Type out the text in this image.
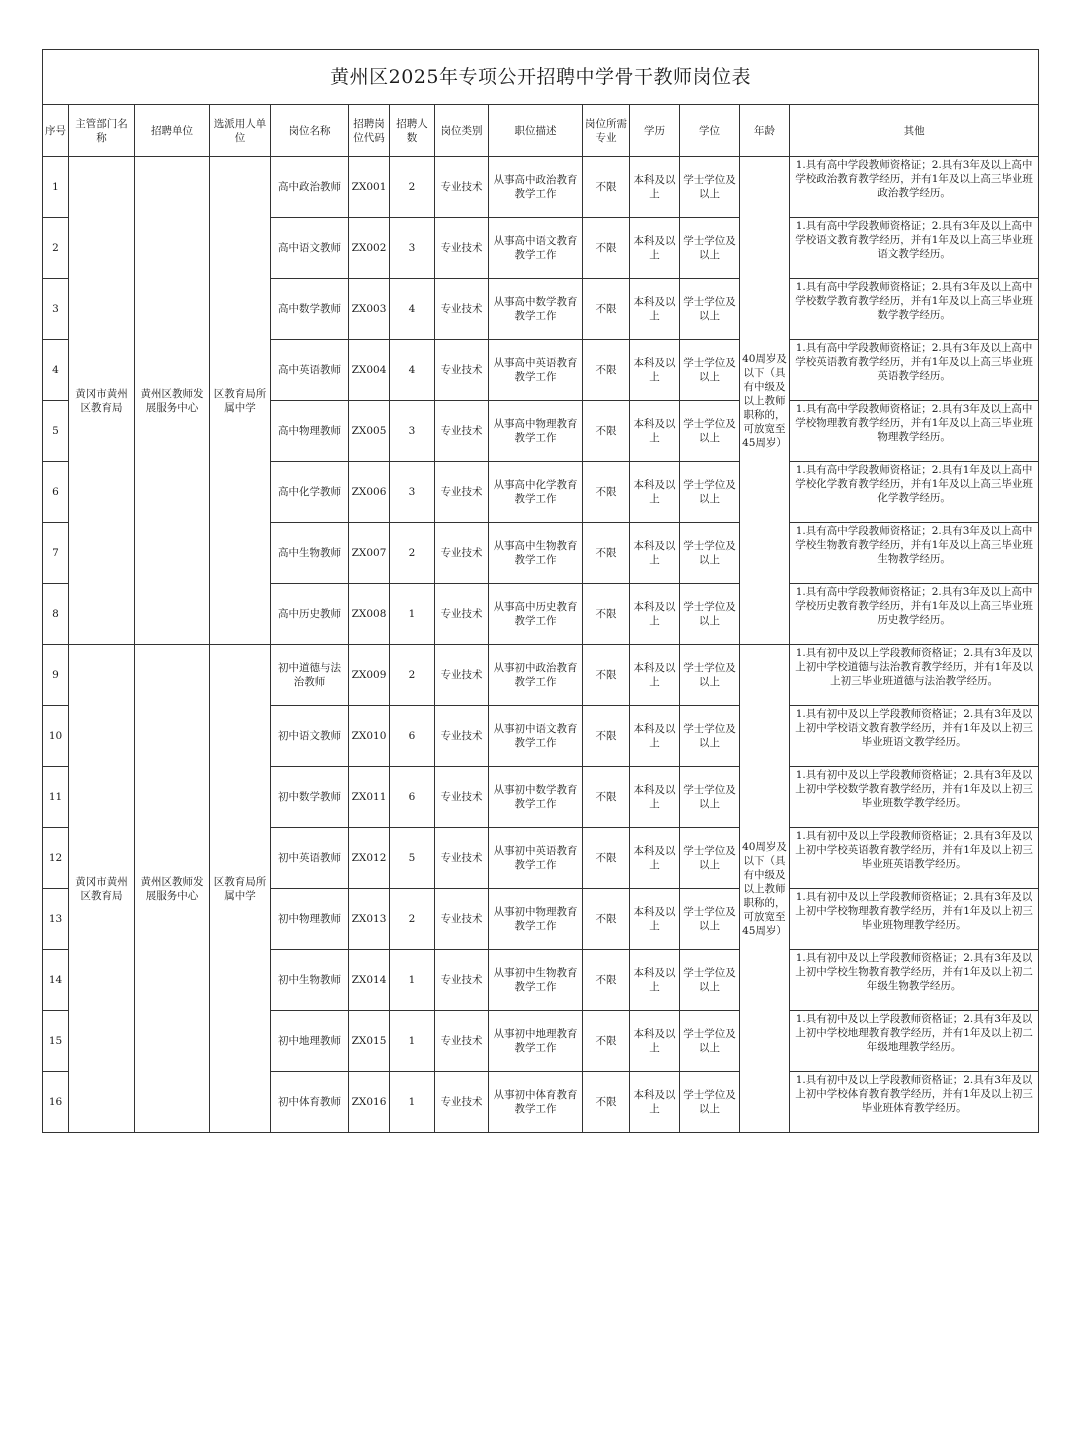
黄州区2025年专项公开招聘中学骨干教师岗位表													
序号	主管部门名称	招聘单位	选派用人单位	岗位名称	招聘岗位代码	招聘人数	岗位类别	职位描述	岗位所需专业	学历	学位	年龄	其他
1	黄冈市黄州区教育局	黄州区教师发展服务中心	区教育局所属中学	高中政治教师	ZX001	2	专业技术	从事高中政治教育教学工作	不限	本科及以上	学士学位及以上	40周岁及以下（具有中级及以上教师职称的，可放宽至45周岁）	1.具有高中学段教师资格证；2.具有3年及以上高中学校政治教育教学经历，并有1年及以上高三毕业班政治教学经历。

2				高中语文教师	ZX002	3	专业技术	从事高中语文教育教学工作	不限	本科及以上	学士学位及以上		1.具有高中学段教师资格证；2.具有3年及以上高中学校语文教育教学经历，并有1年及以上高三毕业班语文教学经历。

3				高中数学教师	ZX003	4	专业技术	从事高中数学教育教学工作	不限	本科及以上	学士学位及以上		1.具有高中学段教师资格证；2.具有3年及以上高中学校数学教育教学经历，并有1年及以上高三毕业班数学教学经历。

4				高中英语教师	ZX004	4	专业技术	从事高中英语教育教学工作	不限	本科及以上	学士学位及以上		1.具有高中学段教师资格证；2.具有3年及以上高中学校英语教育教学经历，并有1年及以上高三毕业班英语教学经历。

5				高中物理教师	ZX005	3	专业技术	从事高中物理教育教学工作	不限	本科及以上	学士学位及以上		1.具有高中学段教师资格证；2.具有3年及以上高中学校物理教育教学经历，并有1年及以上高三毕业班物理教学经历。

6				高中化学教师	ZX006	3	专业技术	从事高中化学教育教学工作	不限	本科及以上	学士学位及以上		1.具有高中学段教师资格证；2.具有1年及以上高中学校化学教育教学经历，并有1年及以上高三毕业班化学教学经历。

7				高中生物教师	ZX007	2	专业技术	从事高中生物教育教学工作	不限	本科及以上	学士学位及以上		1.具有高中学段教师资格证；2.具有3年及以上高中学校生物教育教学经历，并有1年及以上高三毕业班生物教学经历。

8				高中历史教师	ZX008	1	专业技术	从事高中历史教育教学工作	不限	本科及以上	学士学位及以上		1.具有高中学段教师资格证；2.具有3年及以上高中学校历史教育教学经历，并有1年及以上高三毕业班历史教学经历。

9	黄冈市黄州区教育局	黄州区教师发展服务中心	区教育局所属中学	初中道德与法治教师	ZX009	2	专业技术	从事初中政治教育教学工作	不限	本科及以上	学士学位及以上	40周岁及以下（具有中级及以上教师职称的，可放宽至45周岁）	1.具有初中及以上学段教师资格证；2.具有3年及以上初中学校道德与法治教育教学经历，并有1年及以上初三毕业班道德与法治教学经历。

10				初中语文教师	ZX010	6	专业技术	从事初中语文教育教学工作	不限	本科及以上	学士学位及以上		1.具有初中及以上学段教师资格证；2.具有3年及以上初中学校语文教育教学经历，并有1年及以上初三毕业班语文教学经历。

11				初中数学教师	ZX011	6	专业技术	从事初中数学教育教学工作	不限	本科及以上	学士学位及以上		1.具有初中及以上学段教师资格证；2.具有3年及以上初中学校数学教育教学经历，并有1年及以上初三毕业班数学教学经历。

12				初中英语教师	ZX012	5	专业技术	从事初中英语教育教学工作	不限	本科及以上	学士学位及以上		1.具有初中及以上学段教师资格证；2.具有3年及以上初中学校英语教育教学经历，并有1年及以上初三毕业班英语教学经历。

13				初中物理教师	ZX013	2	专业技术	从事初中物理教育教学工作	不限	本科及以上	学士学位及以上		1.具有初中及以上学段教师资格证；2.具有3年及以上初中学校物理教育教学经历，并有1年及以上初三毕业班物理教学经历。

14				初中生物教师	ZX014	1	专业技术	从事初中生物教育教学工作	不限	本科及以上	学士学位及以上		1.具有初中及以上学段教师资格证；2.具有3年及以上初中学校生物教育教学经历，并有1年及以上初二年级生物教学经历。

15				初中地理教师	ZX015	1	专业技术	从事初中地理教育教学工作	不限	本科及以上	学士学位及以上		1.具有初中及以上学段教师资格证；2.具有3年及以上初中学校地理教育教学经历，并有1年及以上初二年级地理教学经历。

16				初中体育教师	ZX016	1	专业技术	从事初中体育教育教学工作	不限	本科及以上	学士学位及以上		1.具有初中及以上学段教师资格证；2.具有3年及以上初中学校体育教育教学经历，并有1年及以上初三毕业班体育教学经历。
